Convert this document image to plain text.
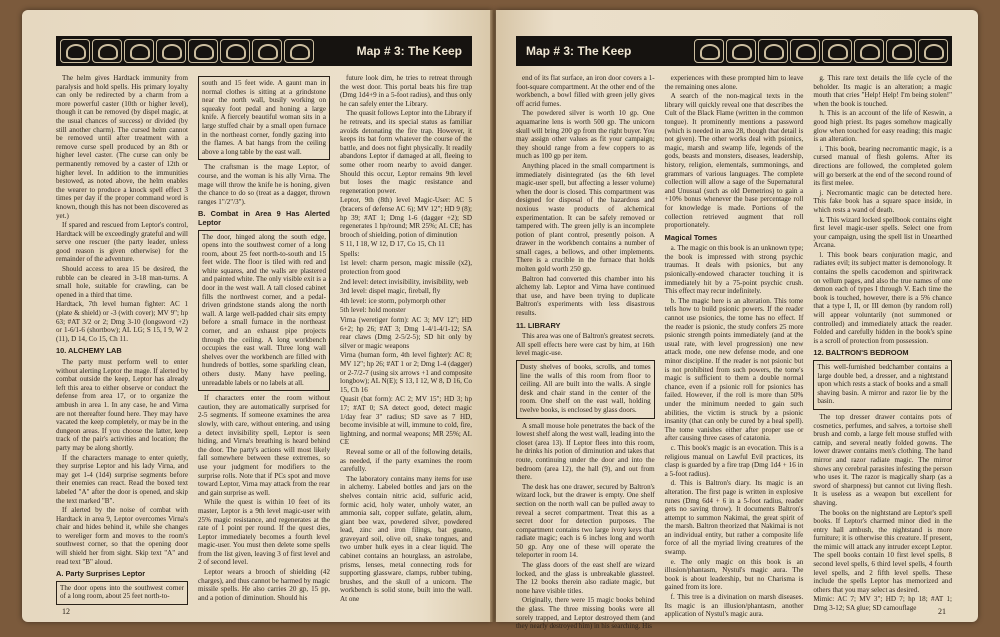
Map # 3: The Keep

The helm gives Hardtack immunity from paralysis and hold spells. His primary loyalty can only be redirected by a charm from a more powerful caster (10th or higher level), though it can be removed (by dispel magic, at the usual chances of success) or divided (by still another charm). The cursed helm cannot be removed until after treatment with a remove curse spell produced by an 8th or higher level caster. (The curse can only be permanently removed by a caster of 12th or higher level. In addition to the immunities bestowed, as noted above, the helm enables the wearer to produce a knock spell effect 3 times per day if the proper command word is known, though this has not been discovered as yet.)

If spared and rescued from Leptor's control, Hardtack will be exceedingly grateful and will serve one rescuer (the party leader, unless good reason is given otherwise) for the remainder of the adventure.

Should access to area 15 be desired, the rubble can be cleared in 3-18 man-turns. A small hole, suitable for crawling, can be opened in a third that time.

Hardtack, 7th level human fighter: AC 1 (plate & shield) or -3 (with cover); MV 9"; hp 63; #AT 3/2 or 2; Dmg 3-10 (longsword +2) or 1-6/1-6 (shortbow); AL LG; S 15, I 9, W 2 (11), D 14, Co 15, Ch 11.

10. ALCHEMY LAB

The party must perform well to enter without alerting Leptor the mage. If alerted by combat outside the keep, Leptor has already left this area to either observe or conduct the defense from area 17, or to organize the ambush in area 1. In any case, he and Virna are not thereafter found here. They may have vacated the keep completely, or may be in the dungeon areas. If you choose the latter, keep track of the pair's activities and location; the party may be along shortly.

If the characters manage to enter quietly, they surprise Leptor and his lady Virna, and may get 1-4 (1d4) surprise segments before their enemies can react. Read the boxed text labeled "A" after the door is opened, and skip the text marked "B".

If alerted by the noise of combat with Hardtack in area 9, Leptor overcomes Virna's chair and hides behind it, while she changes to wereliger form and moves to the room's southwest corner, so that the opening door will shield her from sight. Skip text "A" and read text "B" aloud.

A. Party Surprises Leptor

The door opens into the southwest corner of a long room, about 25 feet north-to-

south and 15 feet wide. A gaunt man in normal clothes is sitting at a grindstone near the north wall, busily working on squeaky foot pedal and honing a large knife. A fiercely beautiful woman sits in a large stuffed chair by a small open furnace in the northeast corner, fondly gazing into the flames. A bat hangs from the ceiling above a long table by the east wall.

The craftsman is the mage Leptor, of course, and the woman is his ally Virna. The mage will throw the knife he is honing, given the chance to do so (treat as a dagger, thrown ranges 1"/2"/3").

B. Combat in Area 9 Has Alerted Leptor

The door, hinged along the south edge, opens into the southwest corner of a long room, about 25 feet north-to-south and 15 feet wide. The floor is tiled with red and white squares, and the walls are plastered and painted white. The only visible exit is a door in the west wall. A tall closed cabinet fills the northwest corner, and a pedal-driven grindstone stands along the north wall. A large well-padded chair sits empty before a small furnace in the northeast corner, and an exhaust pipe projects through the ceiling. A long workbench occupies the east wall. Three long wall shelves over the workbench are filled with hundreds of bottles, some sparkling clean, others dusty. Many have peeling, unreadable labels or no labels at all.

If characters enter the room without caution, they are automatically surprised for 2-5 segments. If someone examines the area slowly, with care, without entering, and using a detect invisibility spell, Leptor is seen hiding, and Virna's breathing is heard behind the door. The party's actions will most likely fall somewhere between these extremes, so use your judgment for modifiers to the surprise rolls. Note that if PCs spot and move toward Leptor, Virna may attack from the rear and gain surprise as well.

While the quest is within 10 feet of its master, Leptor is a 9th level magic-user with 25% magic resistance, and regenerates at the rate of 1 point per round. If the quest dies, Leptor immediately becomes a fourth level magic-user. You must then delete some spells from the list given, leaving 3 of first level and 2 of second level.

Leptor wears a brooch of shielding (42 charges), and thus cannot be harmed by magic missile spells. He also carries 20 gp, 15 pp, and a potion of diminution. Should his

future look dim, he tries to retreat through the west door. This portal beats his fire trap (Dmg 1d4+9 in a 5-foot radius), and thus only he can safely enter the Library.

The quasit follows Leptor into the Library if he retreats, and its special status as familiar avoids detonating the fire trap. However, it keeps its bat form whatever the course of the battle, and does not fight physically. It readily abandons Leptor if damaged at all, fleeing to some other room nearby to avoid danger. Should this occur, Leptor remains 9th level but loses the magic resistance and regeneration power.

Leptor, 9th (8th) level Magic-User: AC 5 (bracers of defense AC 6); MV 12"; HD 9 (8); hp 39; #AT 1; Dmg 1-6 (dagger +2); SD regenerates 1 hp/round; MR 25%; AL CE; has brooch of shielding, potion of diminution

S 11, I 18, W 12, D 17, Co 15, Ch 11

Spells:

1st level: charm person, magic missile (x2), protection from good

2nd level: detect invisibility, invisibility, web

3rd level: dispel magic, fireball, fly

4th level: ice storm, polymorph other

5th level: hold monster

Virna (weretiger form): AC 3; MV 12"; HD 6+2; hp 26; #AT 3; Dmg 1-4/1-4/1-12; SA rear claws (Dmg 2-5/2-5); SD hit only by silver or magic weapons

Virna (human form, 4th level fighter): AC 8; MV 12"; hp 26; #AT 1 or 2; Dmg 1-4 (dagger) or 2-7/2-7 (using six arrows +1 and composite longbow); AL N(E); S 13, I 12, W 8, D 16, Co 15, Ch 16

Quasit (bat form): AC 2; MV 15"; HD 3; hp 17; #AT 0; SA detect good, detect magic 1/day fear 3" radius; SD save as 7 HD, become invisible at will, immune to cold, fire, lightning, and normal weapons; MR 25%; AL CE

Reveal some or all of the following details, as needed, if the party examines the room carefully.

The laboratory contains many items for use in alchemy. Labeled bottles and jars on the shelves contain nitric acid, sulfuric acid, formic acid, holy water, unholy water, an ammonia salt, copper sulfate, gelatin, alum, giant bee wax, powdered silver, powdered lead, zinc and iron filings, bat guano, graveyard soil, olive oil, snake tongues, and two umber hulk eyes in a clear liquid. The cabinet contains an hourglass, an astrolabe, prisms, lenses, metal connecting rods for supporting glassware, clamps, rubber tubing, brushes, and the skull of a unicorn. The workbench is solid stone, built into the wall. At one

12
Map # 3: The Keep

end of its flat surface, an iron door covers a 1-foot-square compartment. At the other end of the workbench, a bowl filled with green jelly gives off acrid fumes.

The powdered silver is worth 10 gp. One aquamarine lens is worth 500 gp. The unicorn skull will bring 200 gp from the right buyer. You may assign other values as fit your campaign; they should range from a few coppers to as much as 100 gp per item.

Anything placed in the small compartment is immediately disintegrated (as the 6th level magic-user spell, but affecting a lesser volume) when the door is closed. This compartment was designed for disposal of the hazardous and noxious waste products of alchemical experimentation. It can be safely removed or tampered with. The green jelly is an incomplete potion of plant control, presently poison. A drawer in the workbench contains a number of small cages, a bellows, and other implements. There is a crucible in the furnace that holds molten gold worth 250 gp.

Baltron had converted this chamber into his alchemy lab. Leptor and Virna have continued that use, and have been trying to duplicate Baltron's experiments with less disastrous results.

11. LIBRARY

This area was one of Baltron's greatest secrets. All spell effects here were cast by him, at 16th level magic-use.

Dusty shelves of books, scrolls, and tomes line the walls of this room from floor to ceiling. All are built into the walls. A single desk and chair stand in the center of the room. One shelf on the east wall, holding twelve books, is enclosed by glass doors.

A small mouse hole penetrates the back of the lowest shelf along the west wall, leading into the closet (area 13). If Leptor flees into this room, he drinks his potion of diminution and takes that route, continuing under the door and into the bedroom (area 12), the hall (9), and out from there.

The desk has one drawer, secured by Baltron's wizard lock, but the drawer is empty. One shelf section on the north wall can be pulled away to reveal a secret compartment. Treat this as a secret door for detection purposes. The compartment contains two large ivory keys that radiate magic; each is 6 inches long and worth 50 gp. Any one of these will operate the teleporter in room 14.

The glass doors of the east shelf are wizard locked, and the glass is unbreakable glassteel. The 12 books therein also radiate magic, but none have visible titles.

Originally, there were 15 magic books behind the glass. The three missing books were all sorely trapped, and Leptor destroyed them (and they nearly destroyed him) in his searching. His

experiences with these prompted him to leave the remaining ones alone.

A search of the non-magical texts in the library will quickly reveal one that describes the Cult of the Black Flame (written in the common tongue). It prominently mentions a password (which is needed in area 28, though that detail is not given). The other works deal with psionics, magic, marsh and swamp life, legends of the gods, beasts and monsters, diseases, leadership, history, religion, elementals, summonings, and grammars of various languages. The complete collection will allow a sage of the Supernatural and Unusual (such as old Demetrios) to gain a +10% bonus whenever the base percentage roll for knowledge is made. Portions of the collection retrieved augment that roll proportionately.

Magical Tomes

a. The magic on this book is an unknown type; the book is impressed with strong psychic traumas. It deals with psionics, but any psionically-endowed character touching it is immediately hit by a 75-point psychic crush. This effect may recur indefinitely.

b. The magic here is an alteration. This tome tells how to build psionic powers. If the reader cannot use psionics, the tome has no effect. If the reader is psionic, the study confers 25 more psionic strength points immediately (and at the usual rate, with level progression) one new attack mode, one new defense mode, and one minor discipline. If the reader is not psionic but is not prohibited from such powers, the tome's magic is sufficient to them a double normal chance, even if a psionic roll for psionics has failed. However, if the roll is more than 50% under the minimum needed to gain such abilities, the victim is struck by a psionic insanity (that can only be cured by a heal spell). The tome vanishes either after proper use or after causing three cases of catatonia.

c. This book's magic is an evocation. This is a religious manual on Lawful Evil practices, its clasp is guarded by a fire trap (Dmg 1d4 + 16 in a 5-foot radius).

d. This is Baltron's diary. Its magic is an alteration. The first page is written in explosive runes (Dmg 6d4 + 6 in a 5-foot radius, reader gets no saving throw). It documents Baltron's attempt to summon Nakimai, the great spirit of the marsh. Baltron theorized that Nakimai is not an individual entity, but rather a composite life force of all the myriad living creatures of the swamp.

e. The only magic on this book is an illusion/phantasm, Nystul's magic aura. The book is about leadership, but no Charisma is gained from its lore.

f. This tree is a divination on marsh diseases. Its magic is an illusion/phantasm, another application of Nystul's magic aura.

g. This rare text details the life cycle of the beholder. Its magic is an alteration; a magic mouth that cries "Help! Help! I'm being stolen!" when the book is touched.

h. This is an account of the life of Keswin, a good high priest. Its pages somehow magically glow when touched for easy reading; this magic is an alteration.

i. This book, bearing necromantic magic, is a cursed manual of flesh golems. After its directions are followed, the completed golem will go berserk at the end of the second round of its first melee.

j. Necromantic magic can be detected here. This fake book has a square space inside, in which rests a wand of death.

k. This wizard locked spellbook contains eight first level magic-user spells. Select one from your campaign, using the spell list in Unearthed Arcana.

l. This book bears conjuration magic, and radiates evil; its subject matter is demonology. It contains the spells cacodemon and spiritwrack on vellum pages, and also the true names of one demon each of types I through V. Each time the book is touched, however, there is a 5% chance that a type I, II, or III demon (by random roll) will appear voluntarily (not summoned or controlled) and immediately attack the reader. Folded and carefully hidden in the book's spine is a scroll of protection from possession.

12. BALTRON'S BEDROOM

This well-furnished bedchamber contains a large double bed, a dresser, and a nightstand upon which rests a stack of books and a small shaving basin. A mirror and razor lie by the basin.

The top dresser drawer contains pots of cosmetics, perfumes, and salves, a tortoise shell brush and comb, a large felt mouse stuffed with catnip, and several neatly folded gowns. The lower drawer contains men's clothing. The hand mirror and razor radiate magic. The mirror shows any cerebral parasites infesting the person who uses it. The razor is magically sharp (as a sword of sharpness) but cannot cut living flesh. It is useless as a weapon but excellent for shaving.

The books on the nightstand are Leptor's spell books. If Leptor's charmed minor died in the entry hall ambush, the nightstand is more furniture; it is otherwise this creature. If present, the mimic will attack any intruder except Leptor. The spell books contain 10 first level spells, 8 second level spells, 6 third level spells, 4 fourth level spells, and 2 fifth level spells. These include the spells Leptor has memorized and others that you may select as desired.

Mimic: AC 7; MV 3"; HD 7; hp 18; #AT 1; Dmg 3-12; SA glue; SD camouflage	21
